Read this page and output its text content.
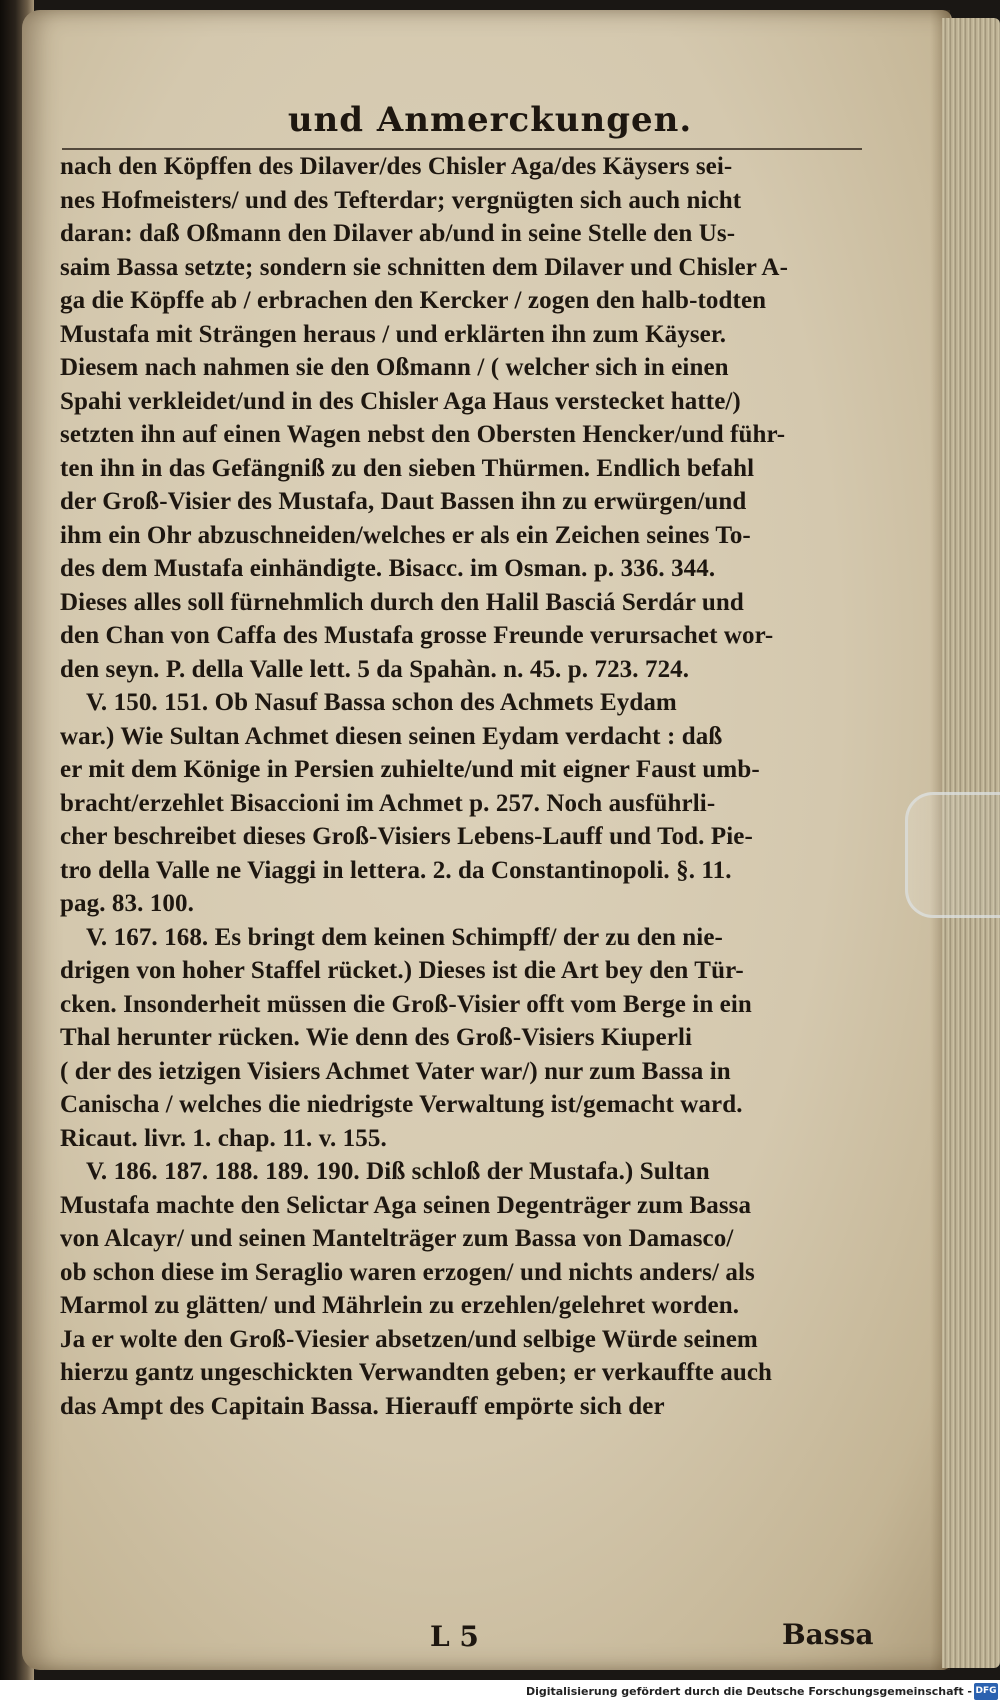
und Anmerckungen.
nach den Köpffen des Dilaver/des Chisler Aga/des Käysers sei-
nes Hofmeisters/ und des Tefterdar; vergnügten sich auch nicht
daran: daß Oßmann den Dilaver ab/und in seine Stelle den Us-
saim Bassa setzte; sondern sie schnitten dem Dilaver und Chisler A-
ga die Köpffe ab / erbrachen den Kercker / zogen den halb-todten
Mustafa mit Strängen heraus / und erklärten ihn zum Käyser.
Diesem nach nahmen sie den Oßmann / ( welcher sich in einen
Spahi verkleidet/und in des Chisler Aga Haus verstecket hatte/)
setzten ihn auf einen Wagen nebst den Obersten Hencker/und führ-
ten ihn in das Gefängniß zu den sieben Thürmen. Endlich befahl
der Groß-Visier des Mustafa, Daut Bassen ihn zu erwürgen/und
ihm ein Ohr abzuschneiden/welches er als ein Zeichen seines To-
des dem Mustafa einhändigte. Bisacc. im Osman. p. 336. 344.
Dieses alles soll fürnehmlich durch den Halil Basciá Serdár und
den Chan von Caffa des Mustafa grosse Freunde verursachet wor-
den seyn. P. della Valle lett. 5 da Spahàn. n. 45. p. 723. 724.
V. 150. 151. Ob Nasuf Bassa schon des Achmets Eydam
war.) Wie Sultan Achmet diesen seinen Eydam verdacht : daß
er mit dem Könige in Persien zuhielte/und mit eigner Faust umb-
bracht/erzehlet Bisaccioni im Achmet p. 257. Noch ausführli-
cher beschreibet dieses Groß-Visiers Lebens-Lauff und Tod. Pie-
tro della Valle ne Viaggi in lettera. 2. da Constantinopoli. §. 11.
pag. 83. 100.
V. 167. 168. Es bringt dem keinen Schimpff/ der zu den nie-
drigen von hoher Staffel rücket.) Dieses ist die Art bey den Tür-
cken. Insonderheit müssen die Groß-Visier offt vom Berge in ein
Thal herunter rücken. Wie denn des Groß-Visiers Kiuperli
( der des ietzigen Visiers Achmet Vater war/) nur zum Bassa in
Canischa / welches die niedrigste Verwaltung ist/gemacht ward.
Ricaut. livr. 1. chap. 11. v. 155.
V. 186. 187. 188. 189. 190. Diß schloß der Mustafa.) Sultan
Mustafa machte den Selictar Aga seinen Degenträger zum Bassa
von Alcayr/ und seinen Mantelträger zum Bassa von Damasco/
ob schon diese im Seraglio waren erzogen/ und nichts anders/ als
Marmol zu glätten/ und Mährlein zu erzehlen/gelehret worden.
Ja er wolte den Groß-Viesier absetzen/und selbige Würde seinem
hierzu gantz ungeschickten Verwandten geben; er verkauffte auch
das Ampt des Capitain Bassa. Hierauff empörte sich der
L 5	Bassa
Digitalisierung gefördert durch die Deutsche Forschungsgemeinschaft - DFG
